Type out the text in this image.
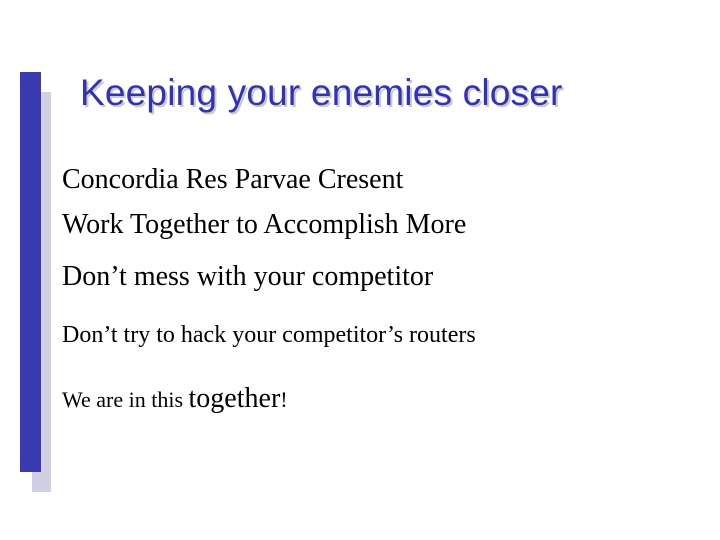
Keeping your enemies closer
Concordia Res Parvae Cresent
Work Together to Accomplish More
Don’t mess with your competitor
Don’t try to hack your competitor’s routers
We are in this together!
